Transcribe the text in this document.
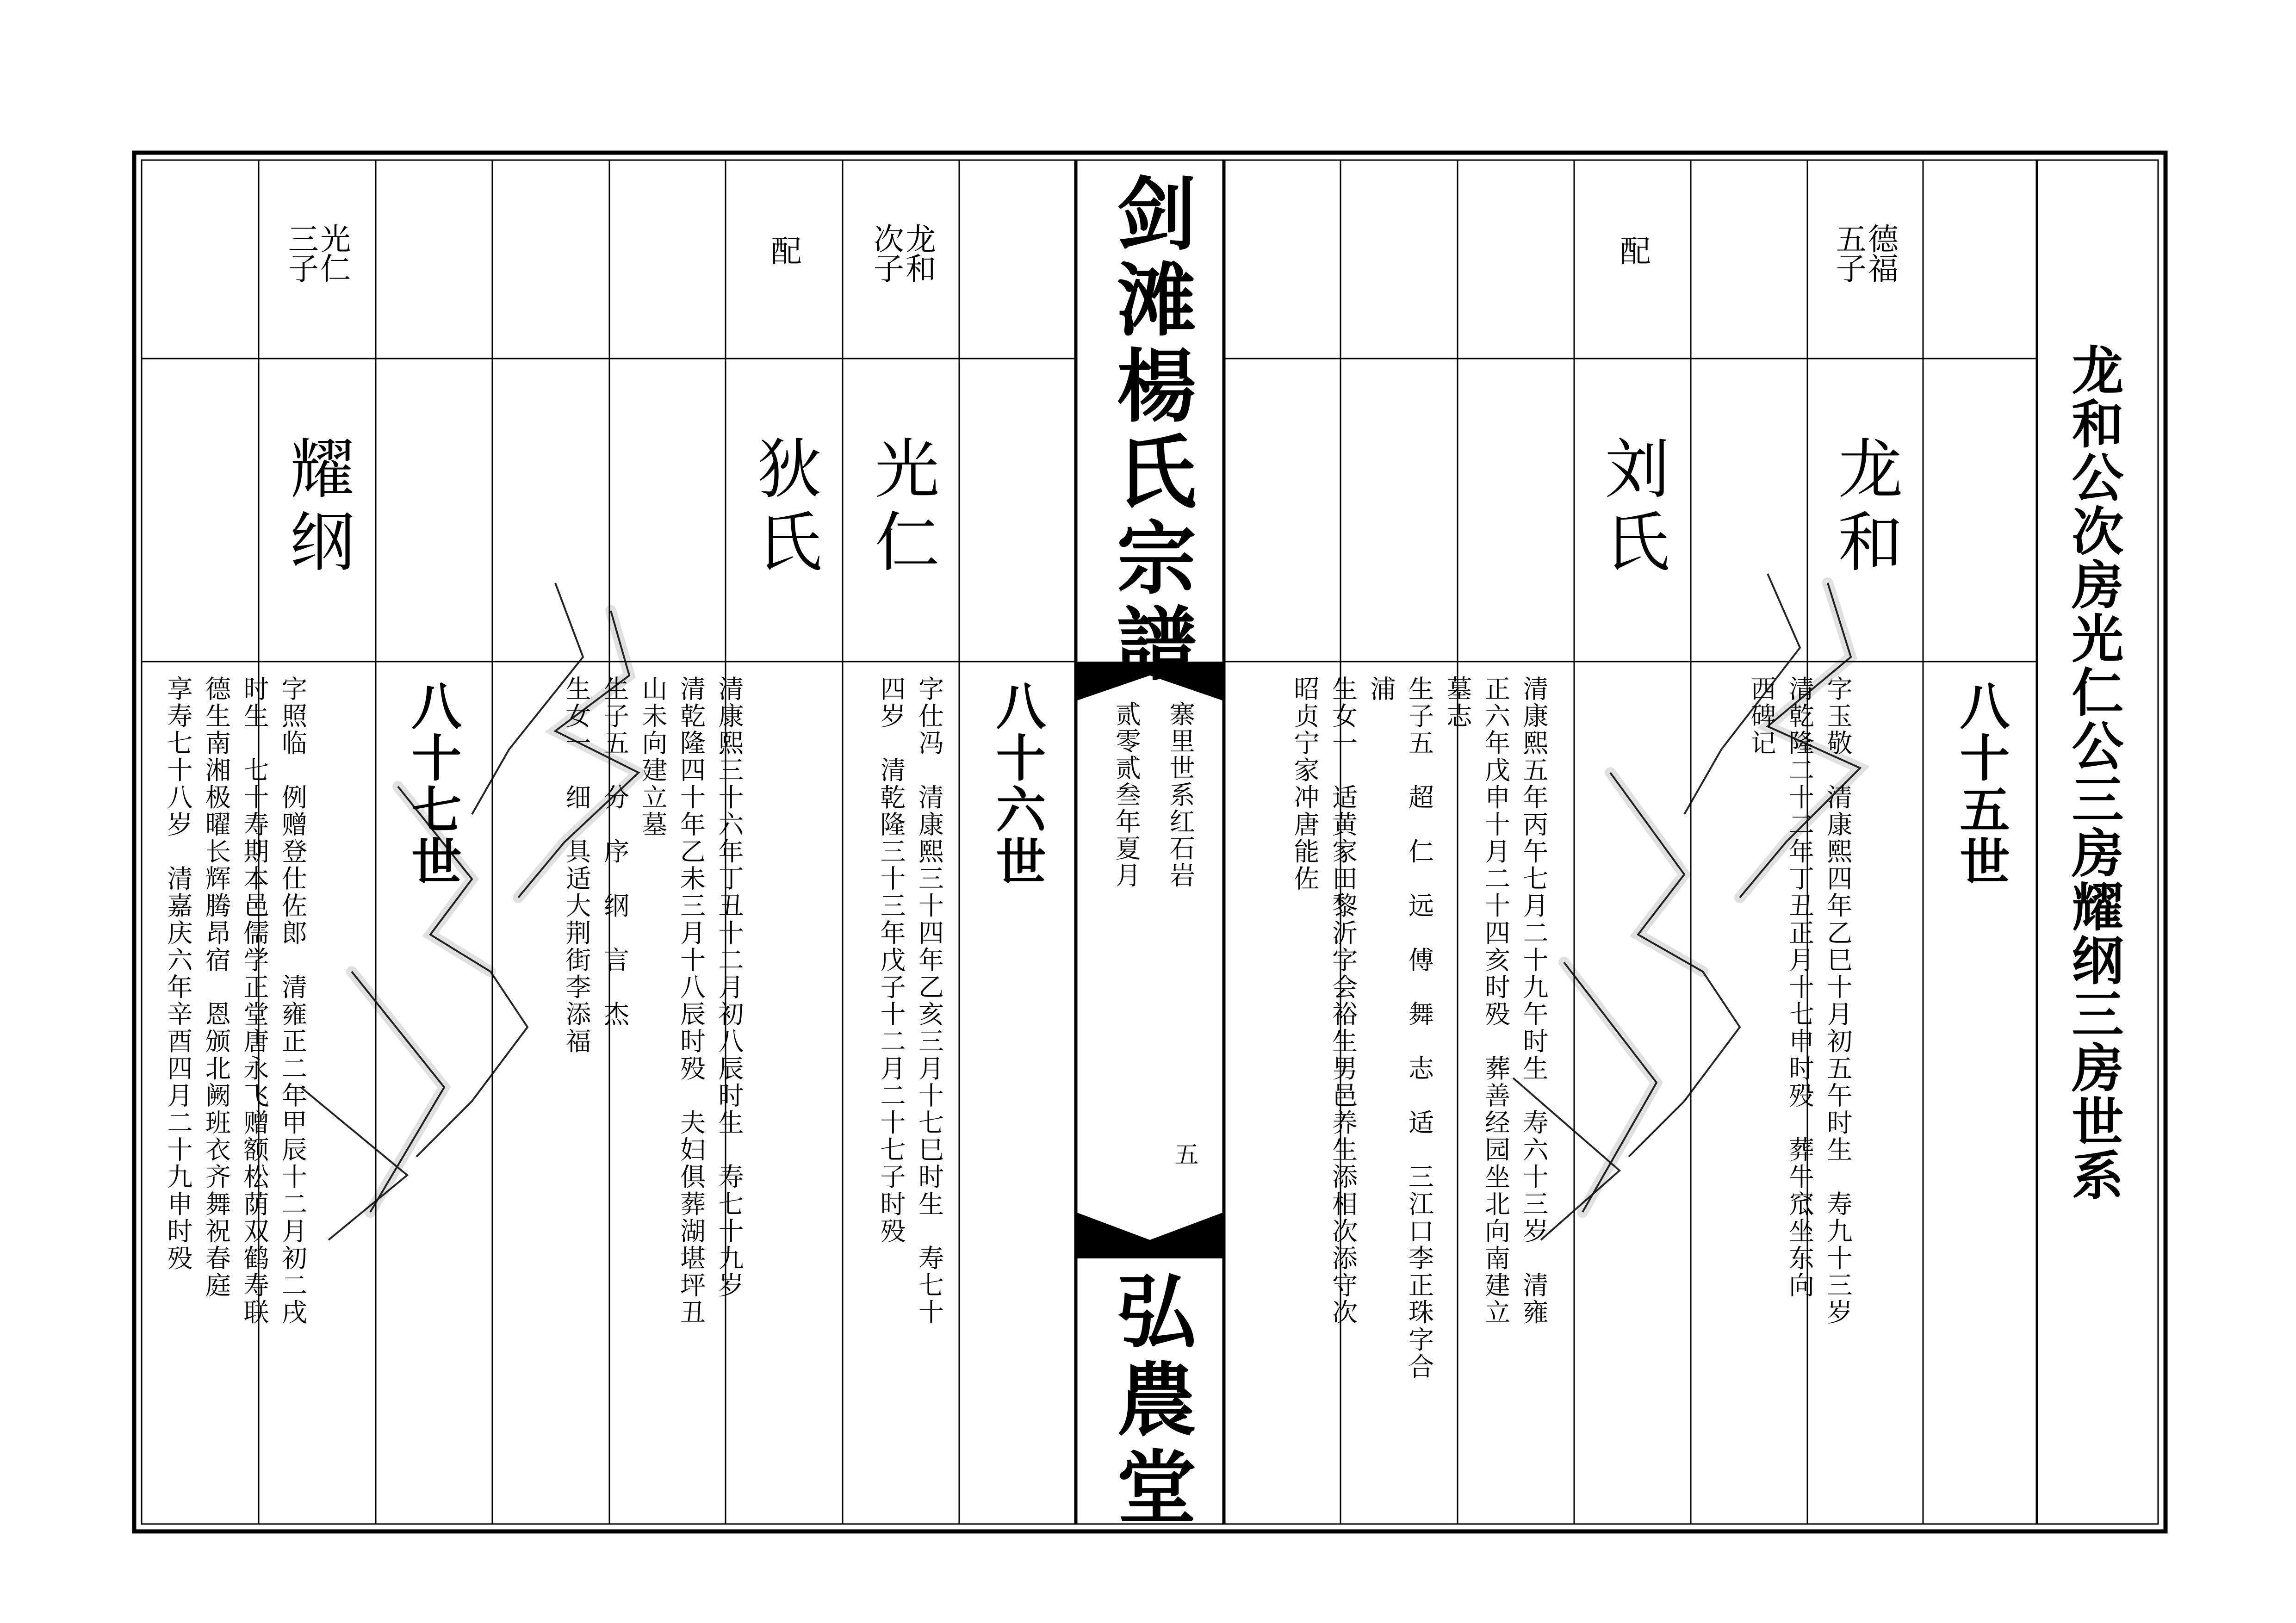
龙和公次房光仁公三房耀纲三房世系
八十五世
八十六世
八十七世
德福
五子
龙和
字玉敬　清康熙四年乙巳十月初五午时生　寿九十三岁
清乾隆二十二年丁丑正月十七申时殁　葬牛窊坐东向
西碑记
配
刘氏
清康熙五年丙午七月二十九午时生　寿六十三岁　清雍
正六年戊申十月二十四亥时殁　葬善经园坐北向南建立
墓志
生子五　超　仁　远　傅　舞　志　适　三江口李正珠字合
浦
生女一　适黄家田黎沂字会裕生男邑养生添相次添守次
昭贞宁家冲唐能佐
剑滩楊氏宗譜
寨里世系红石岩
贰零贰叁年夏月
五
弘農堂
龙和
次子
光仁
字仕冯　清康熙三十四年乙亥三月十七巳时生　寿七十
四岁　清乾隆三十三年戊子十二月二十七子时殁
配
狄氏
清康熙三十六年丁丑十二月初八辰时生　寿七十九岁
清乾隆四十年乙未三月十八辰时殁　夫妇俱葬湖堪坪丑
山未向建立墓
生子五　分　序　纲　言　杰
生女一　细　具适大荆街李添福
光仁
三子
耀纲
字照临　例赠登仕佐郎　清雍正二年甲辰十二月初二戌
时生　七十寿期本邑儒学正堂唐永飞赠额松荫双鹤寿联
德生南湘极曜长辉腾昂宿　恩颁北阙班衣齐舞祝春庭
享寿七十八岁　清嘉庆六年辛酉四月二十九申时殁
